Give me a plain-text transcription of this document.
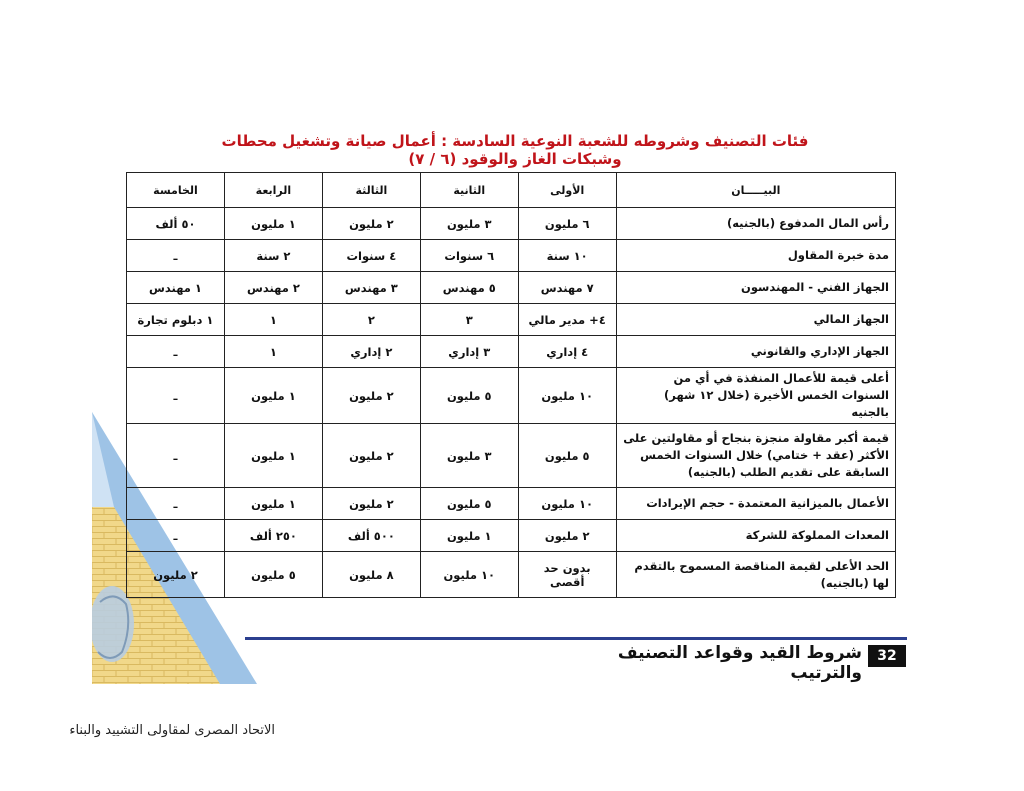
فئات التصنيف وشروطه للشعبة النوعية السادسة : أعمال صيانة وتشغيل محطات وشبكات الغاز والوقود (٦ / ٧)
البيـــــان	الأولى	الثانية	الثالثة	الرابعة	الخامسة
رأس المال المدفوع (بالجنيه)	٦ مليون	٣ مليون	٢ مليون	١ مليون	٥٠ ألف
مدة خبرة المقاول	١٠ سنة	٦ سنوات	٤ سنوات	٢ سنة	ـ
الجهاز الفني - المهندسون	٧ مهندس	٥ مهندس	٣ مهندس	٢ مهندس	١ مهندس
الجهاز المالي	٤+ مدير مالي	٣	٢	١	١ دبلوم تجارة
الجهاز الإداري والقانوني	٤ إداري	٣ إداري	٢ إداري	١	ـ
أعلى قيمة للأعمال المنفذة في أي من السنوات الخمس الأخيرة (خلال ١٢ شهر) بالجنيه	١٠ مليون	٥ مليون	٢ مليون	١ مليون	ـ
قيمة أكبر مقاولة منجزة بنجاح أو مقاولتين على الأكثر (عقد + ختامي) خلال السنوات الخمس السابقة على تقديم الطلب (بالجنيه)	٥ مليون	٣ مليون	٢ مليون	١ مليون	ـ
الأعمال بالميزانية المعتمدة - حجم الإيرادات	١٠ مليون	٥ مليون	٢ مليون	١ مليون	ـ
المعدات المملوكة للشركة	٢ مليون	١ مليون	٥٠٠ ألف	٢٥٠ ألف	ـ
الحد الأعلى لقيمة المناقصة المسموح بالتقدم لها (بالجنيه)	بدون حد أقصى	١٠ مليون	٨ مليون	٥ مليون	٢ مليون
32
شروط القيد وقواعد التصنيف والترتيب
الاتحاد المصرى لمقاولى التشييد والبناء
